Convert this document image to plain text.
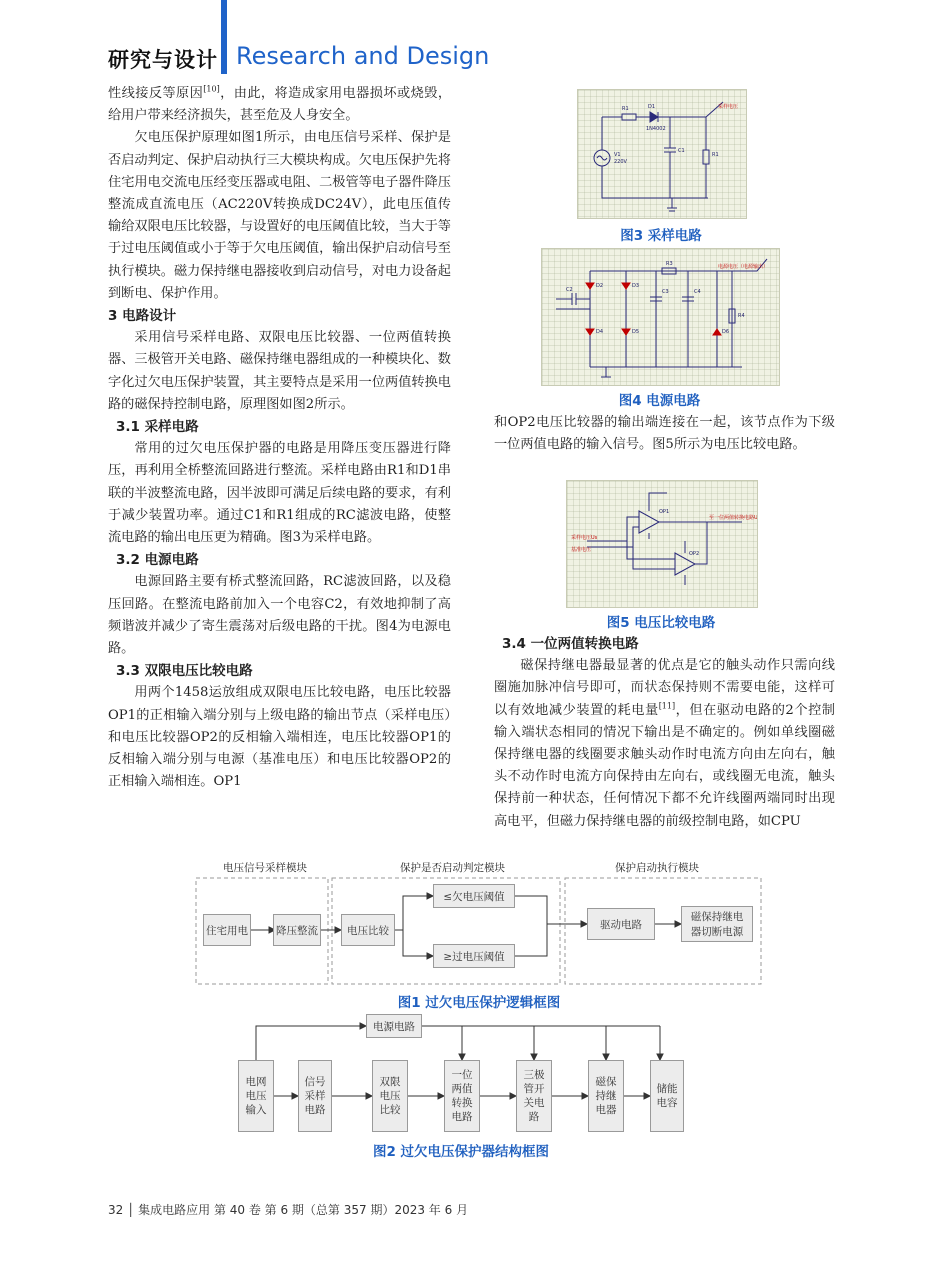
研究与设计 Research and Design

性线接反等原因[10]，由此，将造成家用电器损坏或烧毁，给用户带来经济损失，甚至危及人身安全。

欠电压保护原理如图1所示，由电压信号采样、保护是否启动判定、保护启动执行三大模块构成。欠电压保护先将住宅用电交流电压经变压器或电阻、二极管等电子器件降压整流成直流电压（AC220V转换成DC24V），此电压值传输给双限电压比较器，与设置好的电压阈值比较，当大于等于过电压阈值或小于等于欠电压阈值，输出保护启动信号至执行模块。磁力保持继电器接收到启动信号，对电力设备起到断电、保护作用。

3 电路设计

采用信号采样电路、双限电压比较器、一位两值转换器、三极管开关电路、磁保持继电器组成的一种模块化、数字化过欠电压保护装置，其主要特点是采用一位两值转换电路的磁保持控制电路，原理图如图2所示。

3.1 采样电路

常用的过欠电压保护器的电路是用降压变压器进行降压，再利用全桥整流回路进行整流。采样电路由R1和D1串联的半波整流电路，因半波即可满足后续电路的要求，有利于减少装置功率。通过C1和R1组成的RC滤波电路，使整流电路的输出电压更为精确。图3为采样电路。

3.2 电源电路

电源回路主要有桥式整流回路，RC滤波回路，以及稳压回路。在整流电路前加入一个电容C2，有效地抑制了高频谐波并减少了寄生震荡对后级电路的干扰。图4为电源电路。

3.3 双限电压比较电路

用两个1458运放组成双限电压比较电路，电压比较器OP1的正相输入端分别与上级电路的输出节点（采样电压）和电压比较器OP2的反相输入端相连，电压比较器OP1的反相输入端分别与电源（基准电压）和电压比较器OP2的正相输入端相连。OP1

R1	D1
1N4002
采样电压
V1
220V
C1
R1
图3 采样电路
R3	电源电压（电源输出）
D2	D3
C2	C3	C4
R4
D4	D5	D6
图4 电源电路

和OP2电压比较器的输出端连接在一起，该节点作为下级一位两值电路的输入信号。图5所示为电压比较电路。

OP1
OP2
采样电压Us
基准电压
至一位两值转换电路Ua
图5 电压比较电路

3.4 一位两值转换电路

磁保持继电器最显著的优点是它的触头动作只需向线圈施加脉冲信号即可，而状态保持则不需要电能，这样可以有效地减少装置的耗电量[11]，但在驱动电路的2个控制输入端状态相同的情况下输出是不确定的。例如单线圈磁保持继电器的线圈要求触头动作时电流方向由左向右，触头不动作时电流方向保持由左向右，或线圈无电流，触头保持前一种状态，任何情况下都不允许线圈两端同时出现高电平，但磁力保持继电器的前级控制电路，如CPU

电压信号采样模块	保护是否启动判定模块	保护启动执行模块
住宅用电	降压整流	电压比较
≤欠电压阈值
≥过电压阈值
驱动电路
磁保持继电器切断电源
图1 过欠电压保护逻辑框图
电源电路
电网电压输入
信号采样电路
双限电压比较
一位两值转换电路
三极管开关电路
磁保持继电器
储能电容
图2 过欠电压保护器结构框图
32 │ 集成电路应用 第 40 卷 第 6 期（总第 357 期）2023 年 6 月
